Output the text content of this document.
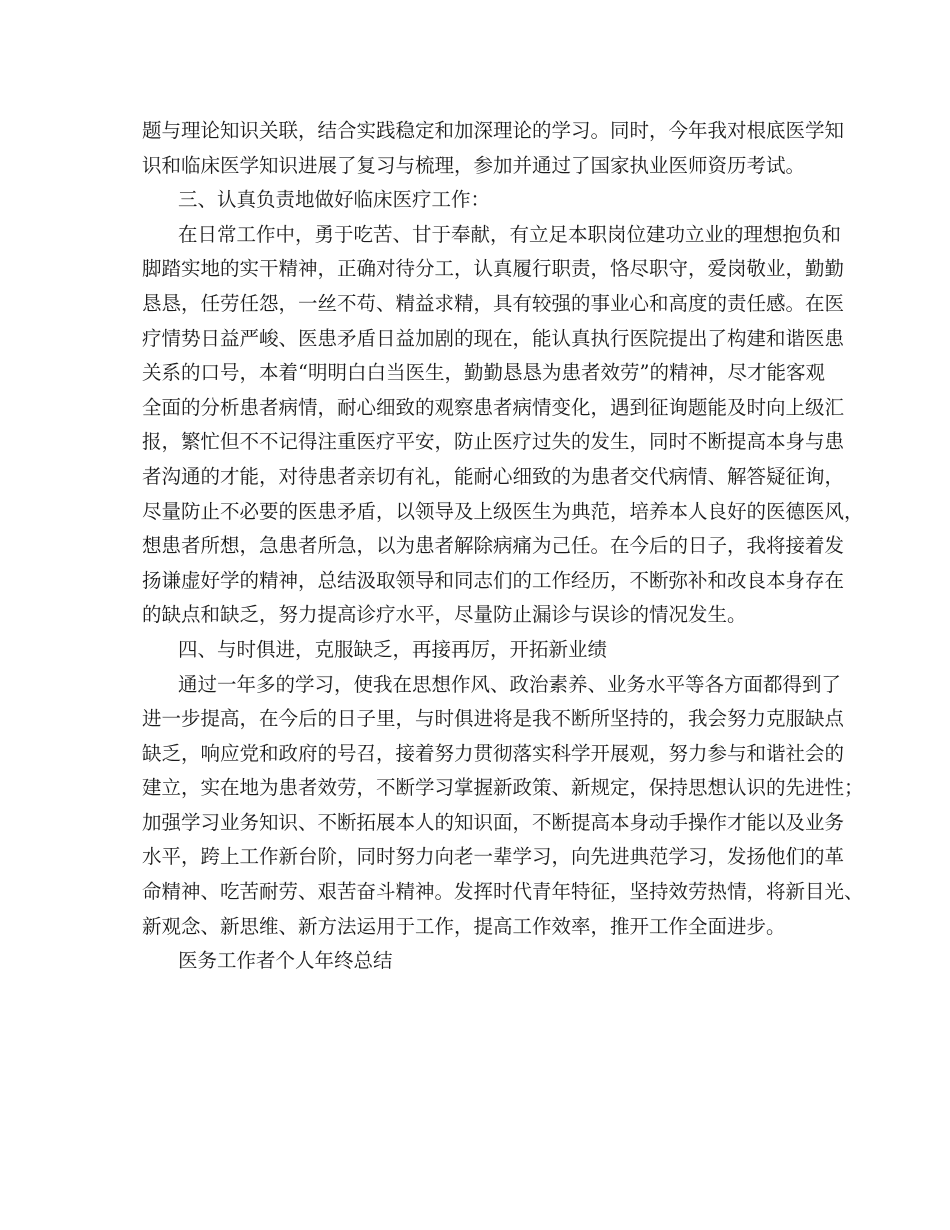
题与理论知识关联，结合实践稳定和加深理论的学习。同时，今年我对根底医学知
识和临床医学知识进展了复习与梳理，参加并通过了国家执业医师资历考试。
三、认真负责地做好临床医疗工作：
在日常工作中，勇于吃苦、甘于奉献，有立足本职岗位建功立业的理想抱负和
脚踏实地的实干精神，正确对待分工，认真履行职责，恪尽职守，爱岗敬业，勤勤
恳恳，任劳任怨，一丝不苟、精益求精，具有较强的事业心和高度的责任感。在医
疗情势日益严峻、医患矛盾日益加剧的现在，能认真执行医院提出了构建和谐医患
关系的口号，本着“明明白白当医生，勤勤恳恳为患者效劳”的精神，尽才能客观
全面的分析患者病情，耐心细致的观察患者病情变化，遇到征询题能及时向上级汇
报，繁忙但不不记得注重医疗平安，防止医疗过失的发生，同时不断提高本身与患
者沟通的才能，对待患者亲切有礼，能耐心细致的为患者交代病情、解答疑征询，
尽量防止不必要的医患矛盾，以领导及上级医生为典范，培养本人良好的医德医风，
想患者所想，急患者所急，以为患者解除病痛为己任。在今后的日子，我将接着发
扬谦虚好学的精神，总结汲取领导和同志们的工作经历，不断弥补和改良本身存在
的缺点和缺乏，努力提高诊疗水平，尽量防止漏诊与误诊的情况发生。
四、与时俱进，克服缺乏，再接再厉，开拓新业绩
通过一年多的学习，使我在思想作风、政治素养、业务水平等各方面都得到了
进一步提高，在今后的日子里，与时俱进将是我不断所坚持的，我会努力克服缺点
缺乏，响应党和政府的号召，接着努力贯彻落实科学开展观，努力参与和谐社会的
建立，实在地为患者效劳，不断学习掌握新政策、新规定，保持思想认识的先进性；
加强学习业务知识、不断拓展本人的知识面，不断提高本身动手操作才能以及业务
水平，跨上工作新台阶，同时努力向老一辈学习，向先进典范学习，发扬他们的革
命精神、吃苦耐劳、艰苦奋斗精神。发挥时代青年特征，坚持效劳热情，将新目光、
新观念、新思维、新方法运用于工作，提高工作效率，推开工作全面进步。
医务工作者个人年终总结
